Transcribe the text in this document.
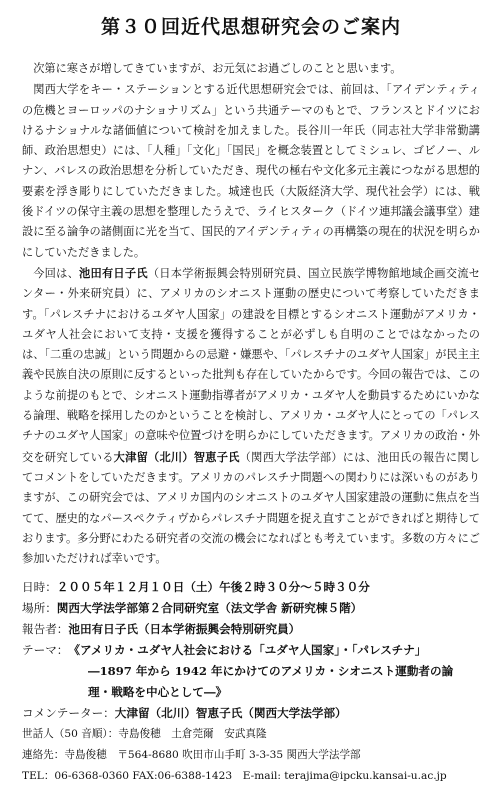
第３０回近代思想研究会のご案内

次第に寒さが増してきていますが、お元気にお過ごしのことと思います。

関西大学をキー・ステーションとする近代思想研究会では、前回は、「アイデンティティの危機とヨーロッパのナショナリズム」という共通テーマのもとで、フランスとドイツにおけるナショナルな諸価値について検討を加えました。長谷川一年氏（同志社大学非常勤講師、政治思想史）には、「人種」「文化」「国民」を概念装置としてミシュレ、ゴビノー、ルナン、バレスの政治思想を分析していただき、現代の極右や文化多元主義につながる思想的要素を浮き彫りにしていただきました。城達也氏（大阪経済大学、現代社会学）には、戦後ドイツの保守主義の思想を整理したうえで、ライヒスターク（ドイツ連邦議会議事堂）建設に至る論争の諸側面に光を当て、国民的アイデンティティの再構築の現在的状況を明らかにしていただきました。

今回は、池田有日子氏（日本学術振興会特別研究員、国立民族学博物館地域企画交流センター・外来研究員）に、アメリカのシオニスト運動の歴史について考察していただきます。「パレスチナにおけるユダヤ人国家」の建設を目標とするシオニスト運動がアメリカ・ユダヤ人社会において支持・支援を獲得することが必ずしも自明のことではなかったのは、「二重の忠誠」という問題からの忌避・嫌悪や、「パレスチナのユダヤ人国家」が民主主義や民族自決の原則に反するといった批判も存在していたからです。今回の報告では、このような前提のもとで、シオニスト運動指導者がアメリカ・ユダヤ人を動員するためにいかなる論理、戦略を採用したのかということを検討し、アメリカ・ユダヤ人にとっての「パレスチナのユダヤ人国家」の意味や位置づけを明らかにしていただきます。アメリカの政治・外交を研究している大津留（北川）智恵子氏（関西大学法学部）には、池田氏の報告に関してコメントをしていただきます。アメリカのパレスチナ問題への関わりには深いものがありますが、この研究会では、アメリカ国内のシオニストのユダヤ人国家建設の運動に焦点を当てて、歴史的なパースペクティヴからパレスチナ問題を捉え直すことができればと期待しております。多分野にわたる研究者の交流の機会になればとも考えています。多数の方々にご参加いただければ幸いです。

日時： ２００５年１２月１０日（土）午後２時３０分～５時３０分
場所： 関西大学法学部第２合同研究室（法文学舎 新研究棟５階）
報告者： 池田有日子氏（日本学術振興会特別研究員）
テーマ： 《アメリカ・ユダヤ人社会における「ユダヤ人国家」・「パレスチナ」
―1897 年から 1942 年にかけてのアメリカ・シオニスト運動者の論
理・戦略を中心として―》
コメンテーター： 大津留（北川）智恵子氏（関西大学法学部）
世話人（50 音順）： 寺島俊穂　土倉莞爾　安武真隆
連絡先： 寺島俊穂　〒564-8680 吹田市山手町 3-3-35 関西大学法学部
TEL：06-6368-0360 FAX:06-6388-1423　E-mail: terajima@ipcku.kansai-u.ac.jp
